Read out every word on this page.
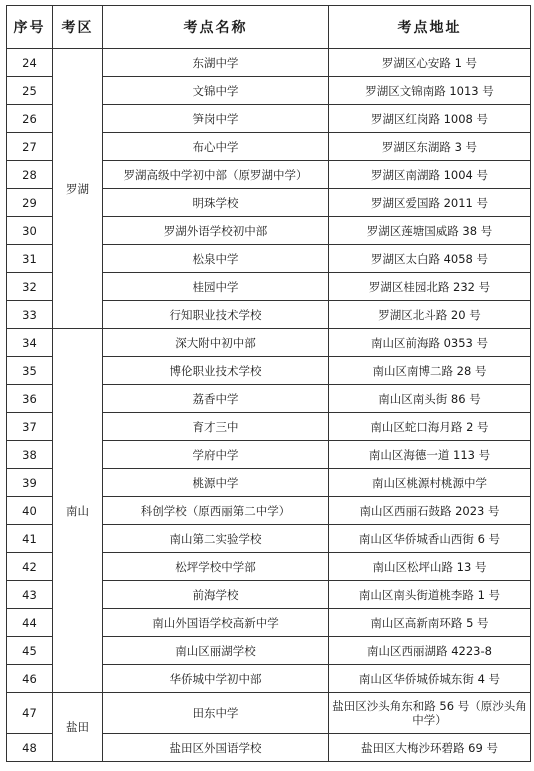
序号	考区	考点名称	考点地址
24	罗湖	东湖中学	罗湖区心安路 1 号
25		文锦中学	罗湖区文锦南路 1013 号
26		笋岗中学	罗湖区红岗路 1008 号
27		布心中学	罗湖区东湖路 3 号
28		罗湖高级中学初中部（原罗湖中学）	罗湖区南湖路 1004 号
29		明珠学校	罗湖区爱国路 2011 号
30		罗湖外语学校初中部	罗湖区莲塘国威路 38 号
31		松泉中学	罗湖区太白路 4058 号
32		桂园中学	罗湖区桂园北路 232 号
33		行知职业技术学校	罗湖区北斗路 20 号
34	南山	深大附中初中部	南山区前海路 0353 号
35		博伦职业技术学校	南山区南博二路 28 号
36		荔香中学	南山区南头街 86 号
37		育才三中	南山区蛇口海月路 2 号
38		学府中学	南山区海德一道 113 号
39		桃源中学	南山区桃源村桃源中学
40		科创学校（原西丽第二中学）	南山区西丽石鼓路 2023 号
41		南山第二实验学校	南山区华侨城香山西街 6 号
42		松坪学校中学部	南山区松坪山路 13 号
43		前海学校	南山区南头街道桃李路 1 号
44		南山外国语学校高新中学	南山区高新南环路 5 号
45		南山区丽湖学校	南山区西丽湖路 4223-8
46		华侨城中学初中部	南山区华侨城侨城东街 4 号
47	盐田	田东中学	盐田区沙头角东和路 56 号（原沙头角中学）
48		盐田区外国语学校	盐田区大梅沙环碧路 69 号
